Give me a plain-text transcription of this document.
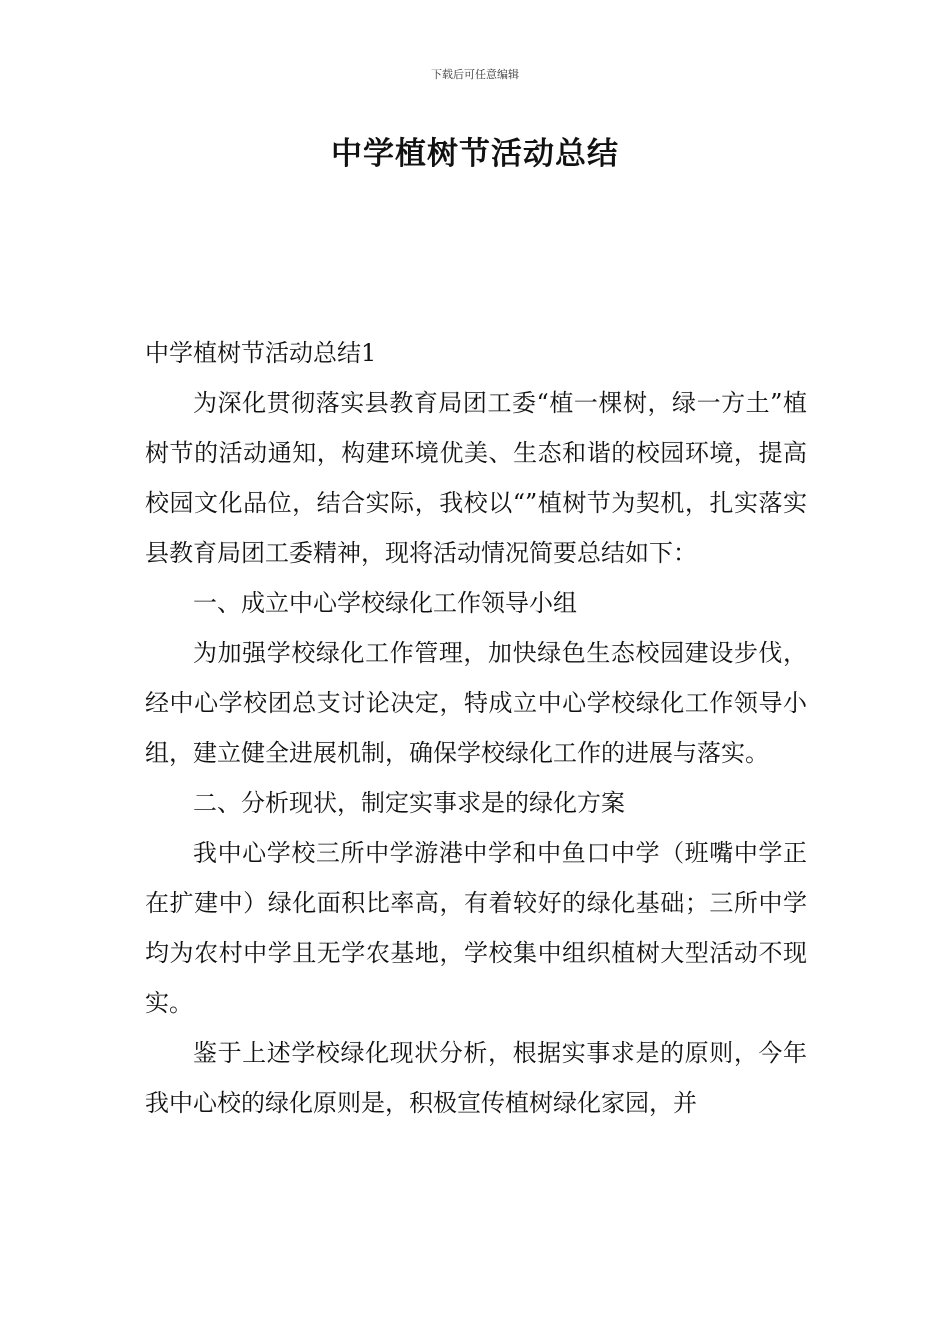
下载后可任意编辑
中学植树节活动总结

中学植树节活动总结1

为深化贯彻落实县教育局团工委“植一棵树，绿一方土”植树节的活动通知，构建环境优美、生态和谐的校园环境，提高校园文化品位，结合实际，我校以“”植树节为契机，扎实落实县教育局团工委精神，现将活动情况简要总结如下：

一、成立中心学校绿化工作领导小组

为加强学校绿化工作管理，加快绿色生态校园建设步伐，经中心学校团总支讨论决定，特成立中心学校绿化工作领导小组，建立健全进展机制，确保学校绿化工作的进展与落实。

二、分析现状，制定实事求是的绿化方案

我中心学校三所中学游港中学和中鱼口中学（班嘴中学正在扩建中）绿化面积比率高，有着较好的绿化基础；三所中学均为农村中学且无学农基地，学校集中组织植树大型活动不现实。

鉴于上述学校绿化现状分析，根据实事求是的原则，今年我中心校的绿化原则是，积极宣传植树绿化家园，并
